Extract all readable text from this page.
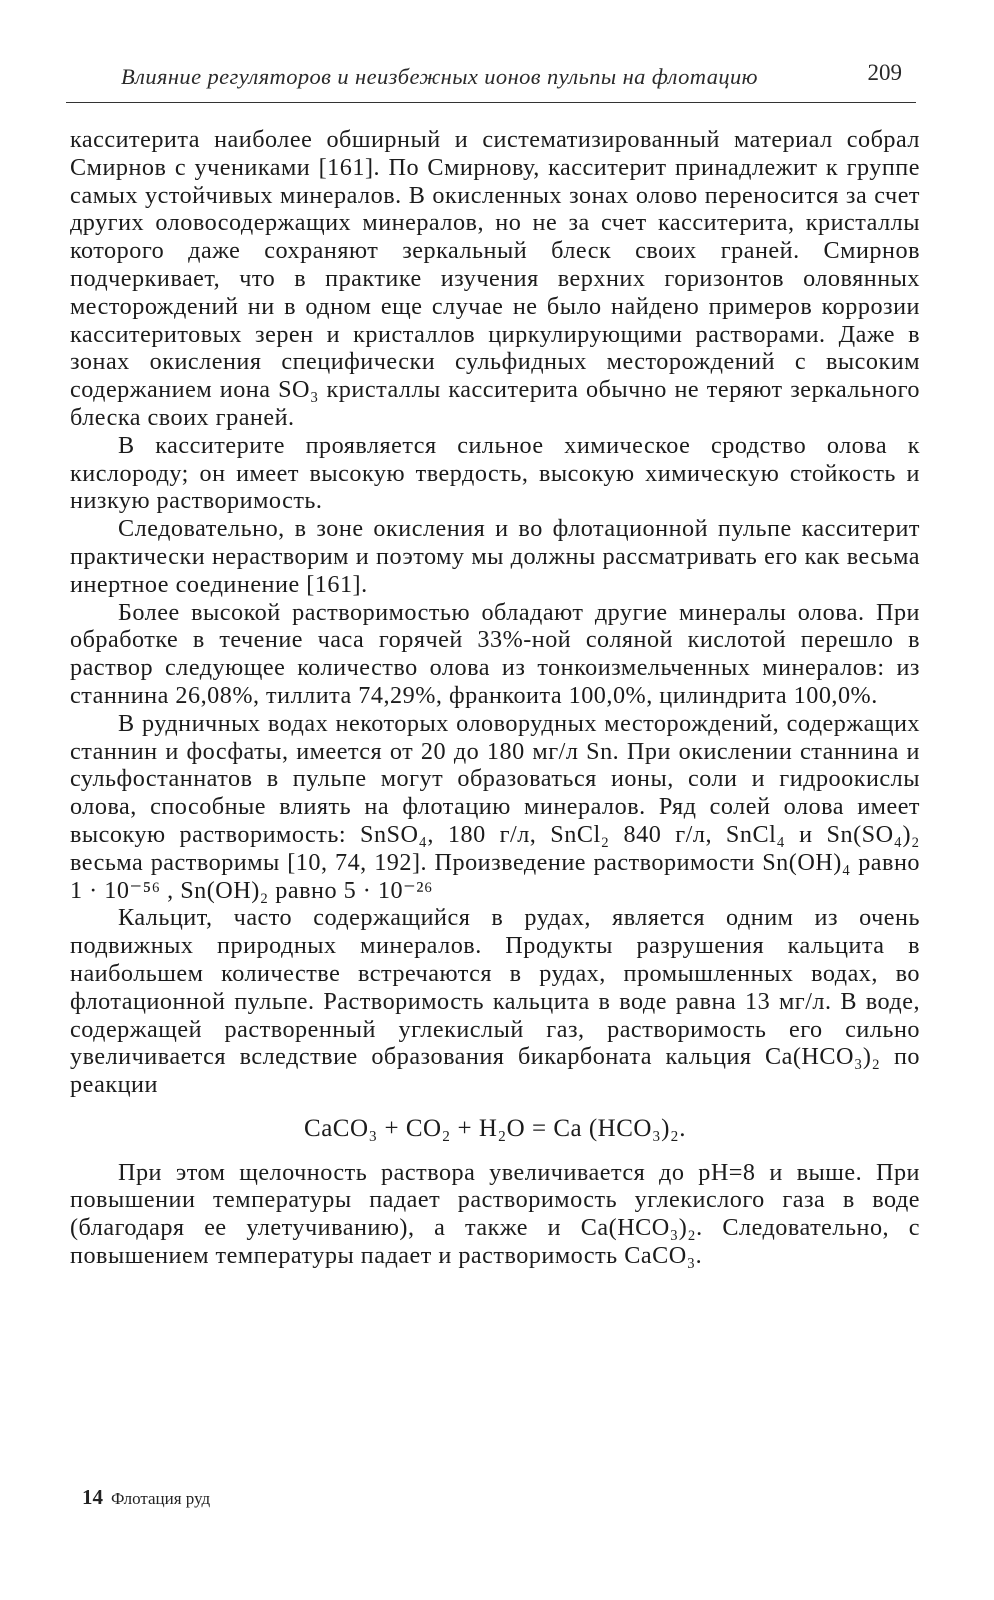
Влияние регуляторов и неизбежных ионов пульпы на флотацию	209

касситерита наиболее обширный и систематизированный материал собрал Смирнов с учениками [161]. По Смирнову, касситерит принадлежит к группе самых устойчивых минералов. В окисленных зонах олово переносится за счет других оловосодержащих минералов, но не за счет касситерита, кристаллы которого даже сохраняют зеркальный блеск своих граней. Смирнов подчеркивает, что в практике изучения верхних горизонтов оловянных месторождений ни в одном еще случае не было найдено примеров коррозии касситеритовых зерен и кристаллов циркулирующими растворами. Даже в зонах окисления специфически сульфидных месторождений с высоким содержанием иона SO₃ кристаллы касситерита обычно не теряют зеркального блеска своих граней.

В касситерите проявляется сильное химическое сродство олова к кислороду; он имеет высокую твердость, высокую химическую стойкость и низкую растворимость.

Следовательно, в зоне окисления и во флотационной пульпе касситерит практически нерастворим и поэтому мы должны рассматривать его как весьма инертное соединение [161].

Более высокой растворимостью обладают другие минералы олова. При обработке в течение часа горячей 33%-ной соляной кислотой перешло в раствор следующее количество олова из тонкоизмельченных минералов: из станнина 26,08%, тиллита 74,29%, франкоита 100,0%, цилиндрита 100,0%.

В рудничных водах некоторых оловорудных месторождений, содержащих станнин и фосфаты, имеется от 20 до 180 мг/л Sn. При окислении станнина и сульфостаннатов в пульпе могут образоваться ионы, соли и гидроокислы олова, способные влиять на флотацию минералов. Ряд солей олова имеет высокую растворимость: SnSO₄, 180 г/л, SnCl₂ 840 г/л, SnCl₄ и Sn(SO₄)₂ весьма растворимы [10, 74, 192]. Произведение растворимости Sn(OH)₄ равно 1 · 10⁻⁵⁶ , Sn(OH)₂ равно 5 · 10⁻²⁶

Кальцит, часто содержащийся в рудах, является одним из очень подвижных природных минералов. Продукты разрушения кальцита в наибольшем количестве встречаются в рудах, промышленных водах, во флотационной пульпе. Растворимость кальцита в воде равна 13 мг/л. В воде, содержащей растворенный углекислый газ, растворимость его сильно увеличивается вследствие образования бикарбоната кальция Ca(HCO₃)₂ по реакции

CaCO₃ + CO₂ + H₂O = Ca (HCO₃)₂.

При этом щелочность раствора увеличивается до pH=8 и выше. При повышении температуры падает растворимость углекислого газа в воде (благодаря ее улетучиванию), а также и Ca(HCO₃)₂. Следовательно, с повышением температуры падает и растворимость CaCO₃.

14 Флотация руд
